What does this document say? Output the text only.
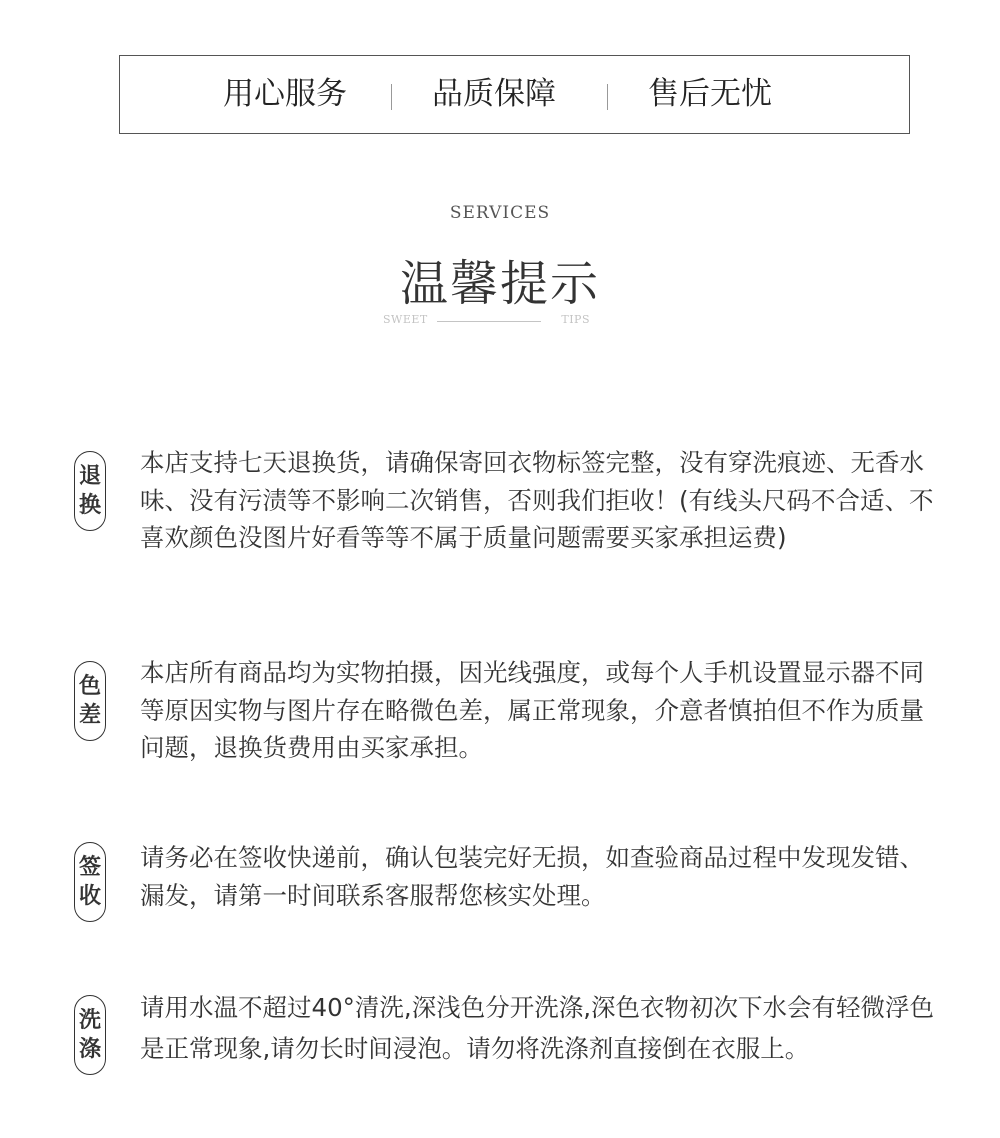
用心服务	品质保障	售后无忧
SERVICES
温馨提示
SWEET	TIPS
退
换

本店支持七天退换货，请确保寄回衣物标签完整，没有穿洗痕迹、无香水味、没有污渍等不影响二次销售，否则我们拒收！(有线头尺码不合适、不喜欢颜色没图片好看等等不属于质量问题需要买家承担运费)

色
差

本店所有商品均为实物拍摄，因光线强度，或每个人手机设置显示器不同等原因实物与图片存在略微色差，属正常现象，介意者慎拍但不作为质量问题，退换货费用由买家承担。

签
收

请务必在签收快递前，确认包装完好无损，如查验商品过程中发现发错、漏发，请第一时间联系客服帮您核实处理。

洗
涤

请用水温不超过40°清洗,深浅色分开洗涤,深色衣物初次下水会有轻微浮色是正常现象,请勿长时间浸泡。请勿将洗涤剂直接倒在衣服上。
